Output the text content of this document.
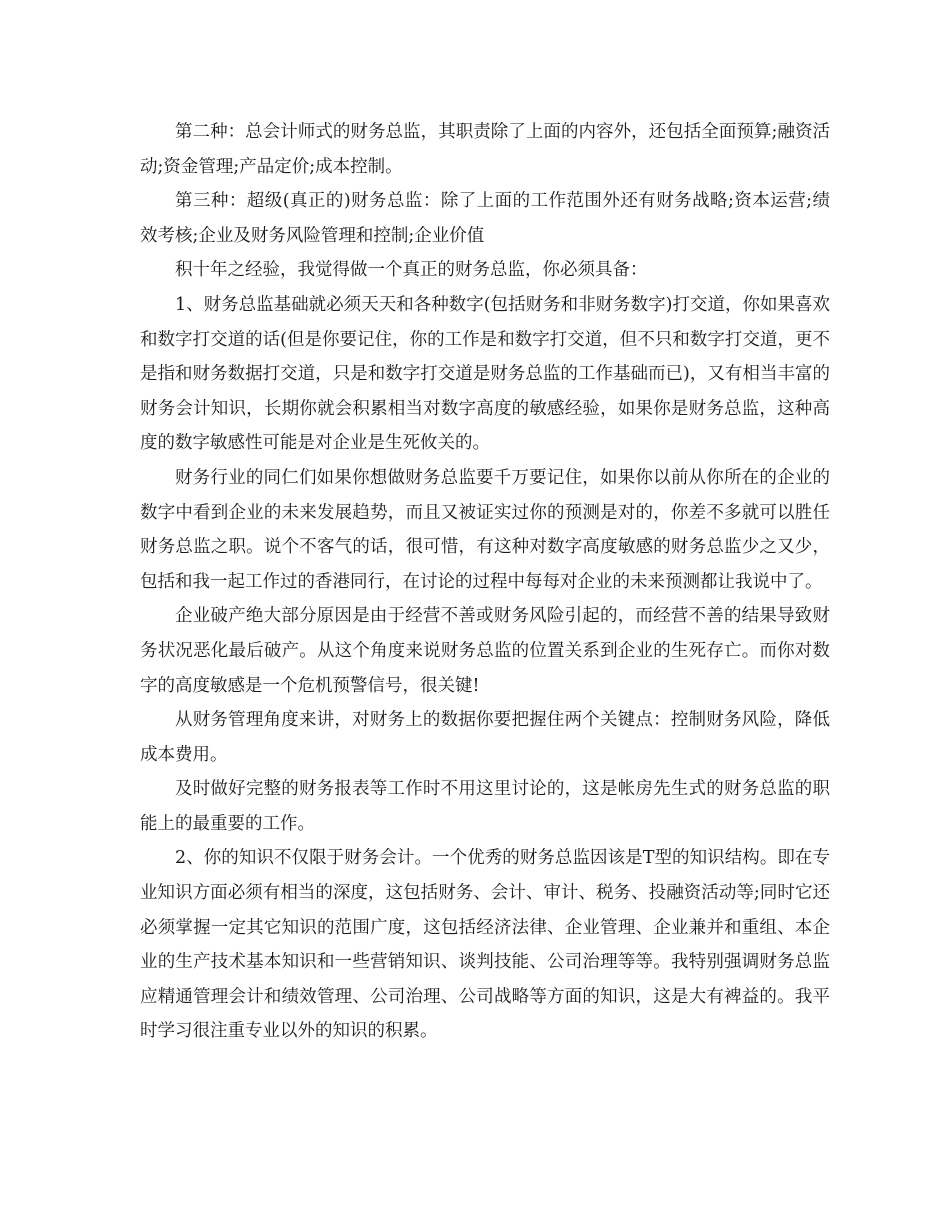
第二种：总会计师式的财务总监，其职责除了上面的内容外，还包括全面预算;融资活动;资金管理;产品定价;成本控制。

第三种：超级(真正的)财务总监：除了上面的工作范围外还有财务战略;资本运营;绩效考核;企业及财务风险管理和控制;企业价值

积十年之经验，我觉得做一个真正的财务总监，你必须具备：

1、财务总监基础就必须天天和各种数字(包括财务和非财务数字)打交道，你如果喜欢和数字打交道的话(但是你要记住，你的工作是和数字打交道，但不只和数字打交道，更不是指和财务数据打交道，只是和数字打交道是财务总监的工作基础而已)，又有相当丰富的财务会计知识，长期你就会积累相当对数字高度的敏感经验，如果你是财务总监，这种高度的数字敏感性可能是对企业是生死攸关的。

财务行业的同仁们如果你想做财务总监要千万要记住，如果你以前从你所在的企业的数字中看到企业的未来发展趋势，而且又被证实过你的预测是对的，你差不多就可以胜任财务总监之职。说个不客气的话，很可惜，有这种对数字高度敏感的财务总监少之又少，包括和我一起工作过的香港同行，在讨论的过程中每每对企业的未来预测都让我说中了。

企业破产绝大部分原因是由于经营不善或财务风险引起的，而经营不善的结果导致财务状况恶化最后破产。从这个角度来说财务总监的位置关系到企业的生死存亡。而你对数字的高度敏感是一个危机预警信号，很关键!

从财务管理角度来讲，对财务上的数据你要把握住两个关键点：控制财务风险，降低成本费用。

及时做好完整的财务报表等工作时不用这里讨论的，这是帐房先生式的财务总监的职能上的最重要的工作。

2、你的知识不仅限于财务会计。一个优秀的财务总监因该是T型的知识结构。即在专业知识方面必须有相当的深度，这包括财务、会计、审计、税务、投融资活动等;同时它还必须掌握一定其它知识的范围广度，这包括经济法律、企业管理、企业兼并和重组、本企业的生产技术基本知识和一些营销知识、谈判技能、公司治理等等。我特别强调财务总监应精通管理会计和绩效管理、公司治理、公司战略等方面的知识，这是大有裨益的。我平时学习很注重专业以外的知识的积累。
